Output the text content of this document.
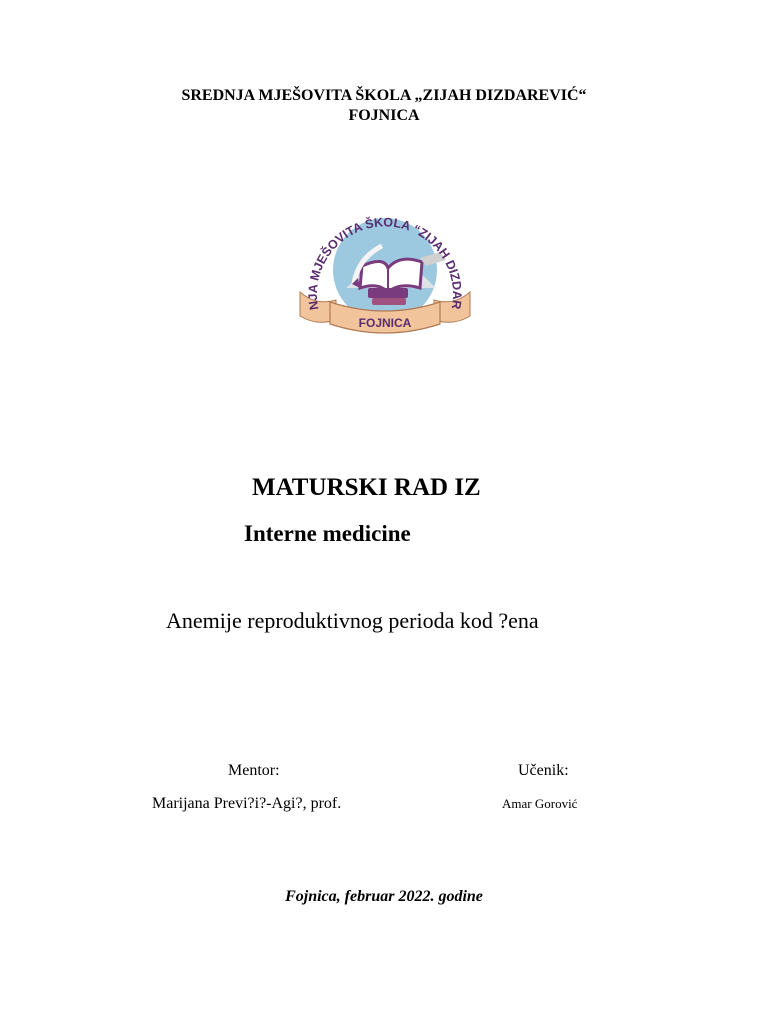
SREDNJA MJEŠOVITA ŠKOLA „ZIJAH DIZDAREVIĆ“
FOJNICA
NJA MJEŠOVITA ŠKOLA “ZIJAH DIZDAR
FOJNICA
MATURSKI RAD IZ
Interne medicine
Anemije reproduktivnog perioda kod ?ena
Mentor:
Marijana Previ?i?-Agi?, prof.
Učenik:
Amar Gorović
Fojnica, februar 2022. godine
